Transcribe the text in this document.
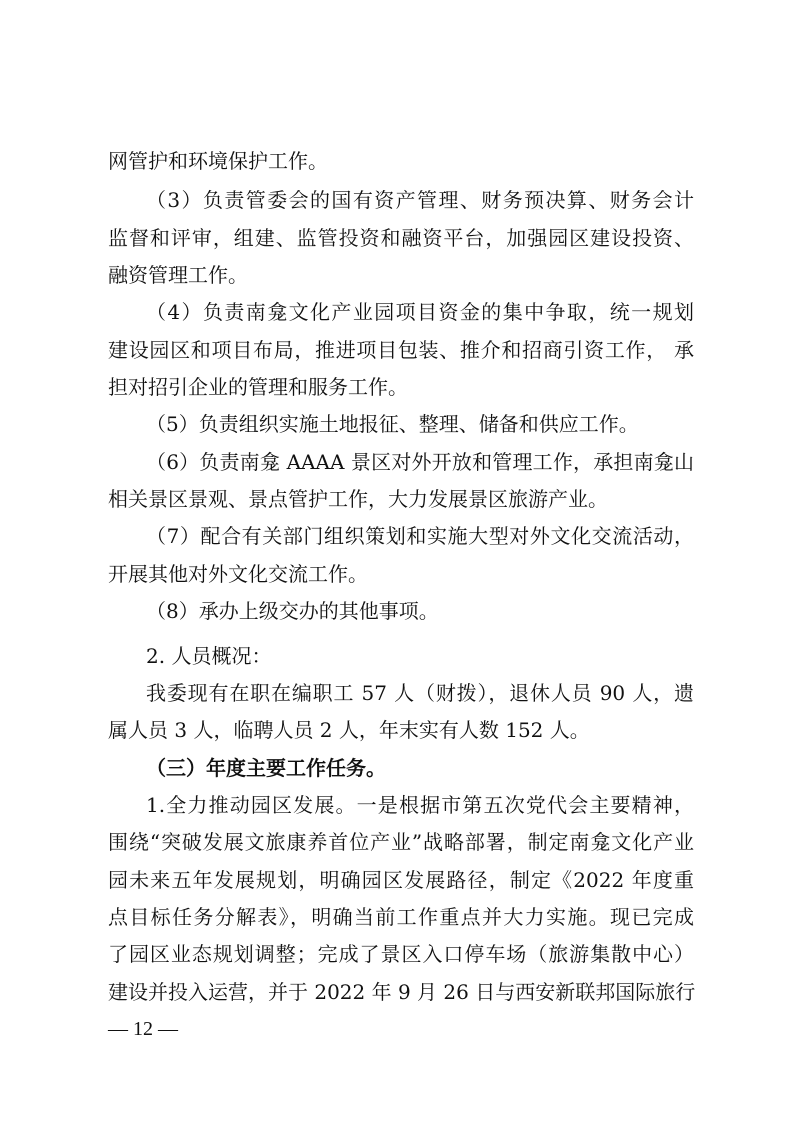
网管护和环境保护工作。
（3）负责管委会的国有资产管理、财务预决算、财务会计
监督和评审，组建、监管投资和融资平台，加强园区建设投资、
融资管理工作。
（4）负责南龛文化产业园项目资金的集中争取，统一规划
建设园区和项目布局，推进项目包装、推介和招商引资工作， 承
担对招引企业的管理和服务工作。
（5）负责组织实施土地报征、整理、储备和供应工作。
（6）负责南龛 AAAA 景区对外开放和管理工作，承担南龛山
相关景区景观、景点管护工作，大力发展景区旅游产业。
（7）配合有关部门组织策划和实施大型对外文化交流活动，
开展其他对外文化交流工作。
（8）承办上级交办的其他事项。
2. 人员概况：
我委现有在职在编职工 57 人（财拨），退休人员 90 人，遗
属人员 3 人，临聘人员 2 人，年末实有人数 152 人。
（三）年度主要工作任务。
1.全力推动园区发展。一是根据市第五次党代会主要精神，
围绕“突破发展文旅康养首位产业”战略部署，制定南龛文化产业
园未来五年发展规划，明确园区发展路径，制定《2022 年度重
点目标任务分解表》，明确当前工作重点并大力实施。现已完成
了园区业态规划调整；完成了景区入口停车场（旅游集散中心）
建设并投入运营，并于 2022 年 9 月 26 日与西安新联邦国际旅行
— 12 —
